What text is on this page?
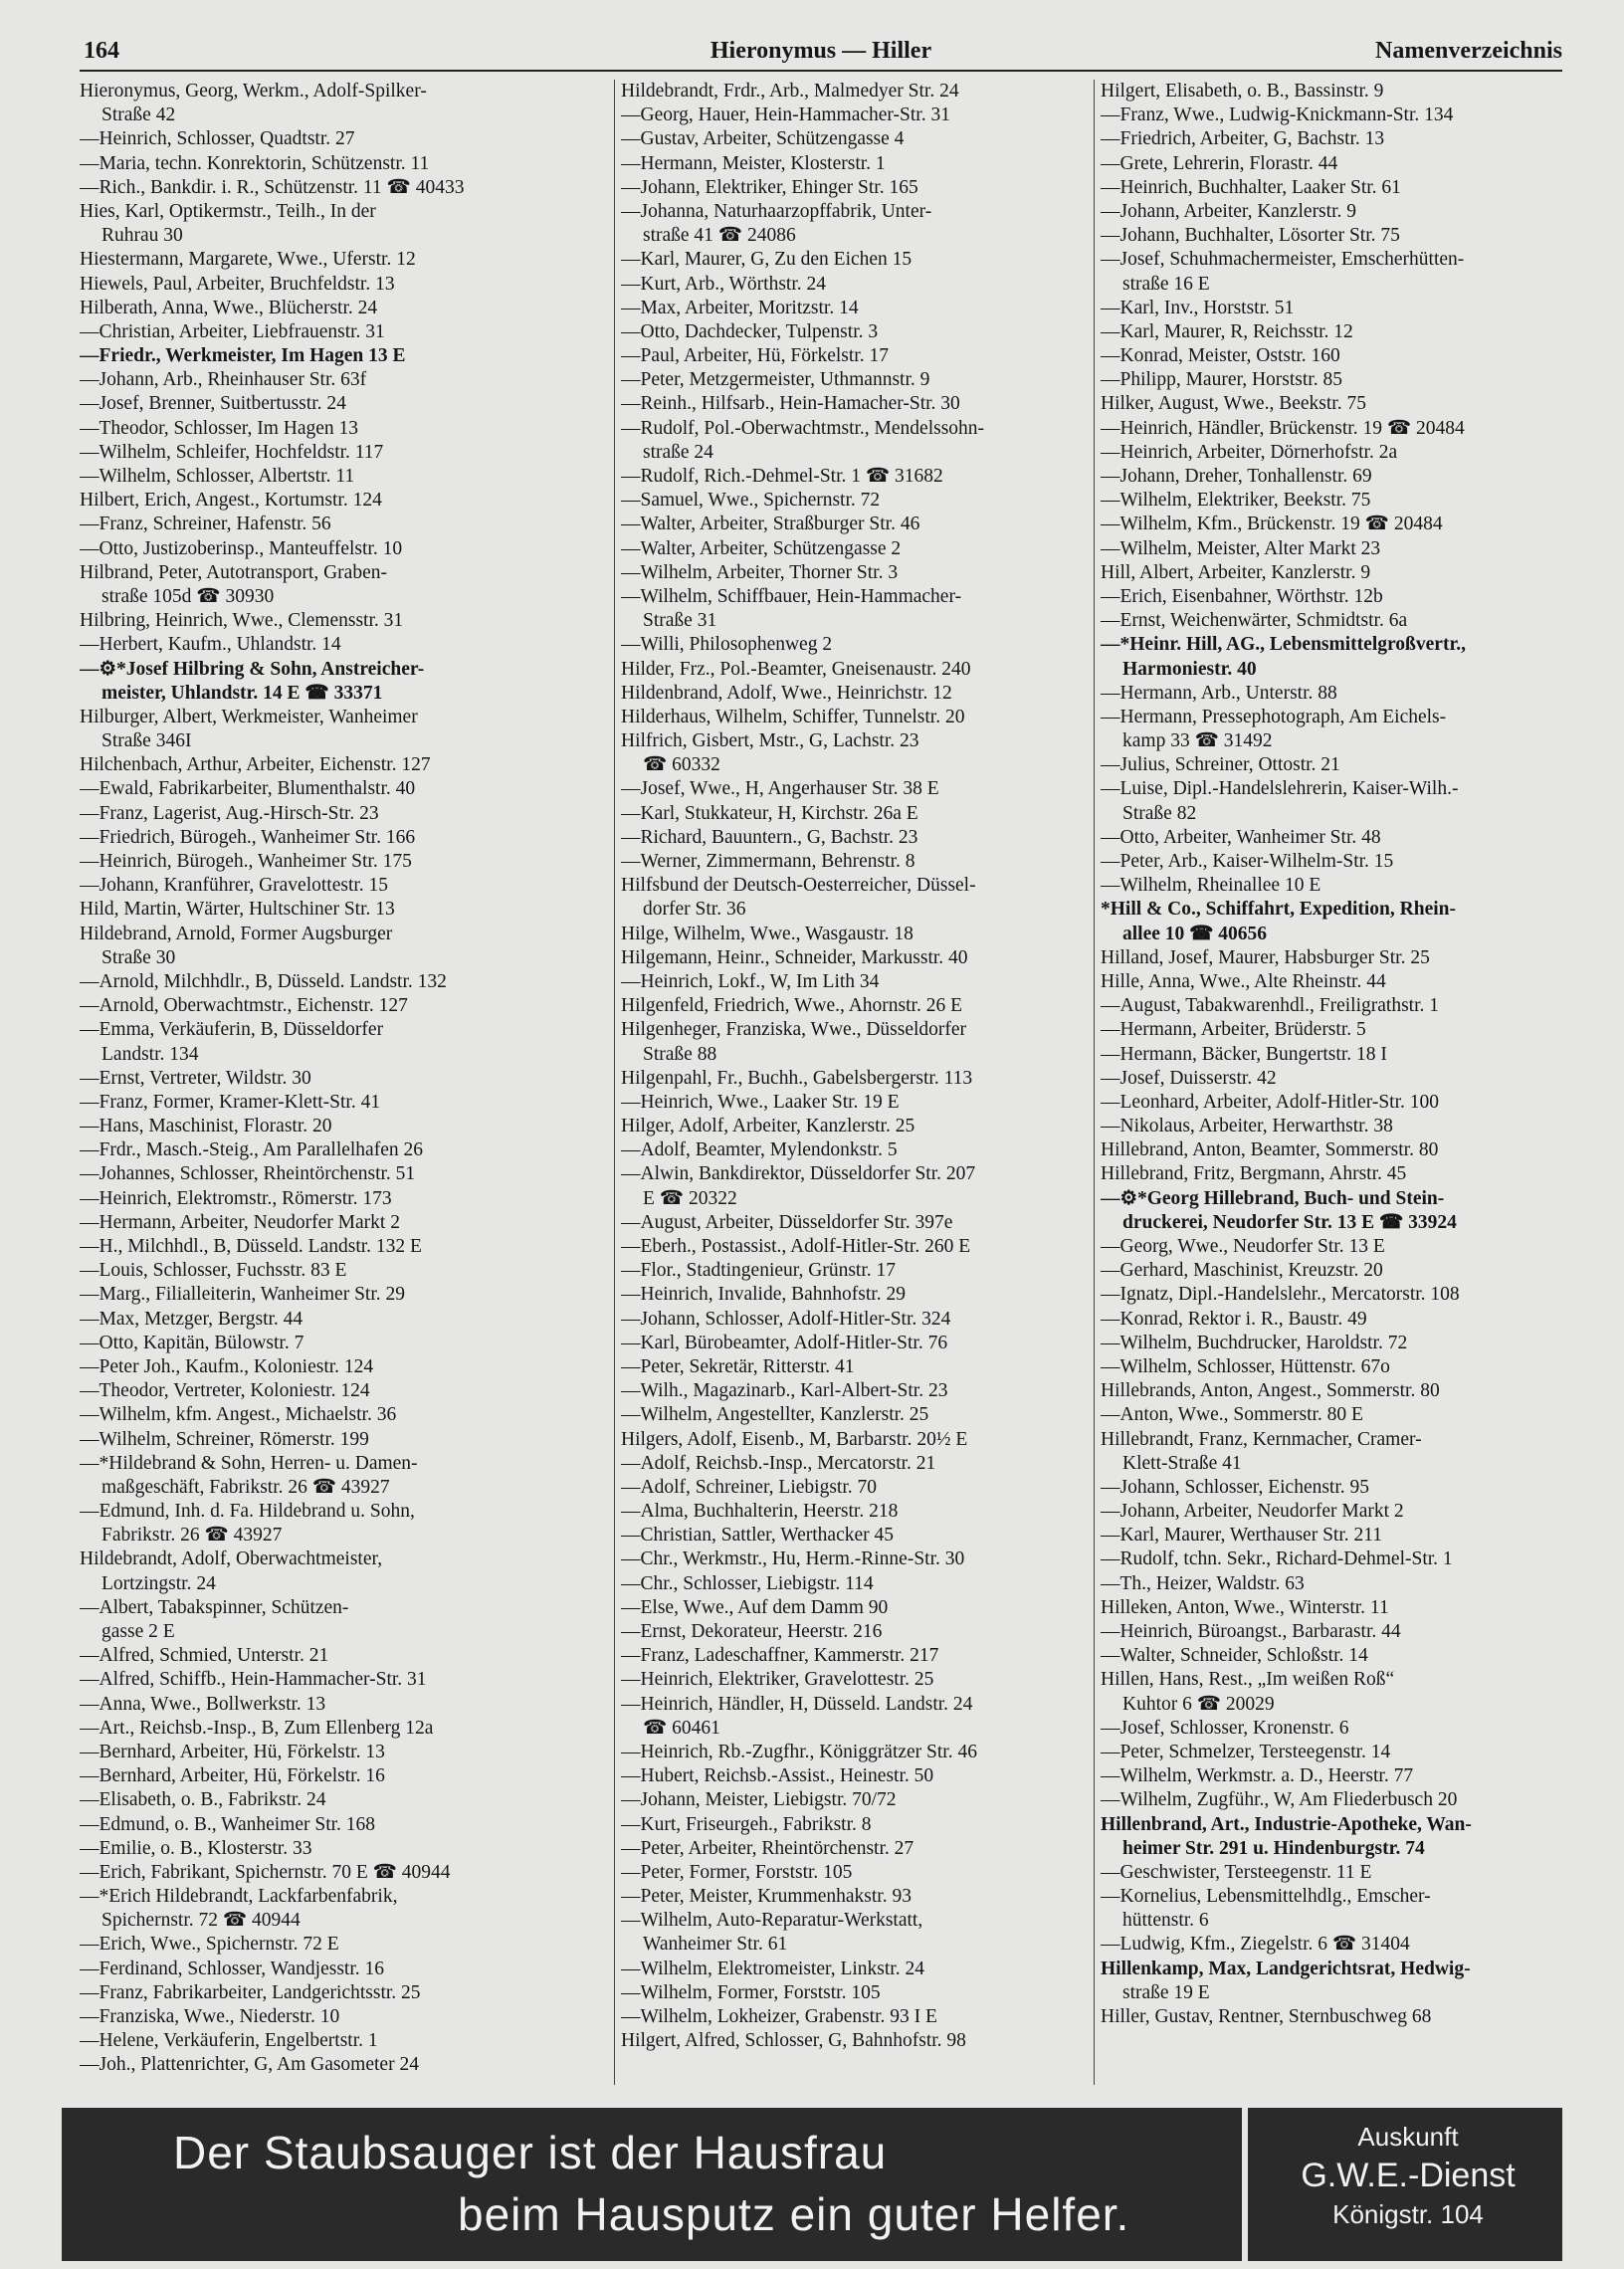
164	Hieronymus — Hiller	Namenverzeichnis
Hieronymus, Georg, Werkm., Adolf-Spilker-
Straße 42
—Heinrich, Schlosser, Quadtstr. 27
—Maria, techn. Konrektorin, Schützenstr. 11
—Rich., Bankdir. i. R., Schützenstr. 11 ☎ 40433
Hies, Karl, Optikermstr., Teilh., In der
Ruhrau 30
Hiestermann, Margarete, Wwe., Uferstr. 12
Hiewels, Paul, Arbeiter, Bruchfeldstr. 13
Hilberath, Anna, Wwe., Blücherstr. 24
—Christian, Arbeiter, Liebfrauenstr. 31
—Friedr., Werkmeister, Im Hagen 13 E
—Johann, Arb., Rheinhauser Str. 63f
—Josef, Brenner, Suitbertusstr. 24
—Theodor, Schlosser, Im Hagen 13
—Wilhelm, Schleifer, Hochfeldstr. 117
—Wilhelm, Schlosser, Albertstr. 11
Hilbert, Erich, Angest., Kortumstr. 124
—Franz, Schreiner, Hafenstr. 56
—Otto, Justizoberinsp., Manteuffelstr. 10
Hilbrand, Peter, Autotransport, Graben-
straße 105d ☎ 30930
Hilbring, Heinrich, Wwe., Clemensstr. 31
—Herbert, Kaufm., Uhlandstr. 14
—⚙*Josef Hilbring & Sohn, Anstreicher-
meister, Uhlandstr. 14 E ☎ 33371
Hilburger, Albert, Werkmeister, Wanheimer
Straße 346I
Hilchenbach, Arthur, Arbeiter, Eichenstr. 127
—Ewald, Fabrikarbeiter, Blumenthalstr. 40
—Franz, Lagerist, Aug.-Hirsch-Str. 23
—Friedrich, Bürogeh., Wanheimer Str. 166
—Heinrich, Bürogeh., Wanheimer Str. 175
—Johann, Kranführer, Gravelottestr. 15
Hild, Martin, Wärter, Hultschiner Str. 13
Hildebrand, Arnold, Former Augsburger
Straße 30
—Arnold, Milchhdlr., B, Düsseld. Landstr. 132
—Arnold, Oberwachtmstr., Eichenstr. 127
—Emma, Verkäuferin, B, Düsseldorfer
Landstr. 134
—Ernst, Vertreter, Wildstr. 30
—Franz, Former, Kramer-Klett-Str. 41
—Hans, Maschinist, Florastr. 20
—Frdr., Masch.-Steig., Am Parallelhafen 26
—Johannes, Schlosser, Rheintörchenstr. 51
—Heinrich, Elektromstr., Römerstr. 173
—Hermann, Arbeiter, Neudorfer Markt 2
—H., Milchhdl., B, Düsseld. Landstr. 132 E
—Louis, Schlosser, Fuchsstr. 83 E
—Marg., Filialleiterin, Wanheimer Str. 29
—Max, Metzger, Bergstr. 44
—Otto, Kapitän, Bülowstr. 7
—Peter Joh., Kaufm., Koloniestr. 124
—Theodor, Vertreter, Koloniestr. 124
—Wilhelm, kfm. Angest., Michaelstr. 36
—Wilhelm, Schreiner, Römerstr. 199
—*Hildebrand & Sohn, Herren- u. Damen-
maßgeschäft, Fabrikstr. 26 ☎ 43927
—Edmund, Inh. d. Fa. Hildebrand u. Sohn,
Fabrikstr. 26 ☎ 43927
Hildebrandt, Adolf, Oberwachtmeister,
Lortzingstr. 24
—Albert, Tabakspinner, Schützen-
gasse 2 E
—Alfred, Schmied, Unterstr. 21
—Alfred, Schiffb., Hein-Hammacher-Str. 31
—Anna, Wwe., Bollwerkstr. 13
—Art., Reichsb.-Insp., B, Zum Ellenberg 12a
—Bernhard, Arbeiter, Hü, Förkelstr. 13
—Bernhard, Arbeiter, Hü, Förkelstr. 16
—Elisabeth, o. B., Fabrikstr. 24
—Edmund, o. B., Wanheimer Str. 168
—Emilie, o. B., Klosterstr. 33
—Erich, Fabrikant, Spichernstr. 70 E ☎ 40944
—*Erich Hildebrandt, Lackfarbenfabrik,
Spichernstr. 72 ☎ 40944
—Erich, Wwe., Spichernstr. 72 E
—Ferdinand, Schlosser, Wandjesstr. 16
—Franz, Fabrikarbeiter, Landgerichtsstr. 25
—Franziska, Wwe., Niederstr. 10
—Helene, Verkäuferin, Engelbertstr. 1
—Joh., Plattenrichter, G, Am Gasometer 24
Hildebrandt, Frdr., Arb., Malmedyer Str. 24
—Georg, Hauer, Hein-Hammacher-Str. 31
—Gustav, Arbeiter, Schützengasse 4
—Hermann, Meister, Klosterstr. 1
—Johann, Elektriker, Ehinger Str. 165
—Johanna, Naturhaarzopffabrik, Unter-
straße 41 ☎ 24086
—Karl, Maurer, G, Zu den Eichen 15
—Kurt, Arb., Wörthstr. 24
—Max, Arbeiter, Moritzstr. 14
—Otto, Dachdecker, Tulpenstr. 3
—Paul, Arbeiter, Hü, Förkelstr. 17
—Peter, Metzgermeister, Uthmannstr. 9
—Reinh., Hilfsarb., Hein-Hamacher-Str. 30
—Rudolf, Pol.-Oberwachtmstr., Mendelssohn-
straße 24
—Rudolf, Rich.-Dehmel-Str. 1 ☎ 31682
—Samuel, Wwe., Spichernstr. 72
—Walter, Arbeiter, Straßburger Str. 46
—Walter, Arbeiter, Schützengasse 2
—Wilhelm, Arbeiter, Thorner Str. 3
—Wilhelm, Schiffbauer, Hein-Hammacher-
Straße 31
—Willi, Philosophenweg 2
Hilder, Frz., Pol.-Beamter, Gneisenaustr. 240
Hildenbrand, Adolf, Wwe., Heinrichstr. 12
Hilderhaus, Wilhelm, Schiffer, Tunnelstr. 20
Hilfrich, Gisbert, Mstr., G, Lachstr. 23
☎ 60332
—Josef, Wwe., H, Angerhauser Str. 38 E
—Karl, Stukkateur, H, Kirchstr. 26a E
—Richard, Bauuntern., G, Bachstr. 23
—Werner, Zimmermann, Behrenstr. 8
Hilfsbund der Deutsch-Oesterreicher, Düssel-
dorfer Str. 36
Hilge, Wilhelm, Wwe., Wasgaustr. 18
Hilgemann, Heinr., Schneider, Markusstr. 40
—Heinrich, Lokf., W, Im Lith 34
Hilgenfeld, Friedrich, Wwe., Ahornstr. 26 E
Hilgenheger, Franziska, Wwe., Düsseldorfer
Straße 88
Hilgenpahl, Fr., Buchh., Gabelsbergerstr. 113
—Heinrich, Wwe., Laaker Str. 19 E
Hilger, Adolf, Arbeiter, Kanzlerstr. 25
—Adolf, Beamter, Mylendonkstr. 5
—Alwin, Bankdirektor, Düsseldorfer Str. 207
E ☎ 20322
—August, Arbeiter, Düsseldorfer Str. 397e
—Eberh., Postassist., Adolf-Hitler-Str. 260 E
—Flor., Stadtingenieur, Grünstr. 17
—Heinrich, Invalide, Bahnhofstr. 29
—Johann, Schlosser, Adolf-Hitler-Str. 324
—Karl, Bürobeamter, Adolf-Hitler-Str. 76
—Peter, Sekretär, Ritterstr. 41
—Wilh., Magazinarb., Karl-Albert-Str. 23
—Wilhelm, Angestellter, Kanzlerstr. 25
Hilgers, Adolf, Eisenb., M, Barbarstr. 20½ E
—Adolf, Reichsb.-Insp., Mercatorstr. 21
—Adolf, Schreiner, Liebigstr. 70
—Alma, Buchhalterin, Heerstr. 218
—Christian, Sattler, Werthacker 45
—Chr., Werkmstr., Hu, Herm.-Rinne-Str. 30
—Chr., Schlosser, Liebigstr. 114
—Else, Wwe., Auf dem Damm 90
—Ernst, Dekorateur, Heerstr. 216
—Franz, Ladeschaffner, Kammerstr. 217
—Heinrich, Elektriker, Gravelottestr. 25
—Heinrich, Händler, H, Düsseld. Landstr. 24
☎ 60461
—Heinrich, Rb.-Zugfhr., Königgrätzer Str. 46
—Hubert, Reichsb.-Assist., Heinestr. 50
—Johann, Meister, Liebigstr. 70/72
—Kurt, Friseurgeh., Fabrikstr. 8
—Peter, Arbeiter, Rheintörchenstr. 27
—Peter, Former, Forststr. 105
—Peter, Meister, Krummenhakstr. 93
—Wilhelm, Auto-Reparatur-Werkstatt,
Wanheimer Str. 61
—Wilhelm, Elektromeister, Linkstr. 24
—Wilhelm, Former, Forststr. 105
—Wilhelm, Lokheizer, Grabenstr. 93 I E
Hilgert, Alfred, Schlosser, G, Bahnhofstr. 98
Hilgert, Elisabeth, o. B., Bassinstr. 9
—Franz, Wwe., Ludwig-Knickmann-Str. 134
—Friedrich, Arbeiter, G, Bachstr. 13
—Grete, Lehrerin, Florastr. 44
—Heinrich, Buchhalter, Laaker Str. 61
—Johann, Arbeiter, Kanzlerstr. 9
—Johann, Buchhalter, Lösorter Str. 75
—Josef, Schuhmachermeister, Emscherhütten-
straße 16 E
—Karl, Inv., Horststr. 51
—Karl, Maurer, R, Reichsstr. 12
—Konrad, Meister, Oststr. 160
—Philipp, Maurer, Horststr. 85
Hilker, August, Wwe., Beekstr. 75
—Heinrich, Händler, Brückenstr. 19 ☎ 20484
—Heinrich, Arbeiter, Dörnerhofstr. 2a
—Johann, Dreher, Tonhallenstr. 69
—Wilhelm, Elektriker, Beekstr. 75
—Wilhelm, Kfm., Brückenstr. 19 ☎ 20484
—Wilhelm, Meister, Alter Markt 23
Hill, Albert, Arbeiter, Kanzlerstr. 9
—Erich, Eisenbahner, Wörthstr. 12b
—Ernst, Weichenwärter, Schmidtstr. 6a
—*Heinr. Hill, AG., Lebensmittelgroßvertr.,
Harmoniestr. 40
—Hermann, Arb., Unterstr. 88
—Hermann, Pressephotograph, Am Eichels-
kamp 33 ☎ 31492
—Julius, Schreiner, Ottostr. 21
—Luise, Dipl.-Handelslehrerin, Kaiser-Wilh.-
Straße 82
—Otto, Arbeiter, Wanheimer Str. 48
—Peter, Arb., Kaiser-Wilhelm-Str. 15
—Wilhelm, Rheinallee 10 E
*Hill & Co., Schiffahrt, Expedition, Rhein-
allee 10 ☎ 40656
Hilland, Josef, Maurer, Habsburger Str. 25
Hille, Anna, Wwe., Alte Rheinstr. 44
—August, Tabakwarenhdl., Freiligrathstr. 1
—Hermann, Arbeiter, Brüderstr. 5
—Hermann, Bäcker, Bungertstr. 18 I
—Josef, Duisserstr. 42
—Leonhard, Arbeiter, Adolf-Hitler-Str. 100
—Nikolaus, Arbeiter, Herwarthstr. 38
Hillebrand, Anton, Beamter, Sommerstr. 80
Hillebrand, Fritz, Bergmann, Ahrstr. 45
—⚙*Georg Hillebrand, Buch- und Stein-
druckerei, Neudorfer Str. 13 E ☎ 33924
—Georg, Wwe., Neudorfer Str. 13 E
—Gerhard, Maschinist, Kreuzstr. 20
—Ignatz, Dipl.-Handelslehr., Mercatorstr. 108
—Konrad, Rektor i. R., Baustr. 49
—Wilhelm, Buchdrucker, Haroldstr. 72
—Wilhelm, Schlosser, Hüttenstr. 67o
Hillebrands, Anton, Angest., Sommerstr. 80
—Anton, Wwe., Sommerstr. 80 E
Hillebrandt, Franz, Kernmacher, Cramer-
Klett-Straße 41
—Johann, Schlosser, Eichenstr. 95
—Johann, Arbeiter, Neudorfer Markt 2
—Karl, Maurer, Werthauser Str. 211
—Rudolf, tchn. Sekr., Richard-Dehmel-Str. 1
—Th., Heizer, Waldstr. 63
Hilleken, Anton, Wwe., Winterstr. 11
—Heinrich, Büroangst., Barbarastr. 44
—Walter, Schneider, Schloßstr. 14
Hillen, Hans, Rest., „Im weißen Roß“
Kuhtor 6 ☎ 20029
—Josef, Schlosser, Kronenstr. 6
—Peter, Schmelzer, Tersteegenstr. 14
—Wilhelm, Werkmstr. a. D., Heerstr. 77
—Wilhelm, Zugführ., W, Am Fliederbusch 20
Hillenbrand, Art., Industrie-Apotheke, Wan-
heimer Str. 291 u. Hindenburgstr. 74
—Geschwister, Tersteegenstr. 11 E
—Kornelius, Lebensmittelhdlg., Emscher-
hüttenstr. 6
—Ludwig, Kfm., Ziegelstr. 6 ☎ 31404
Hillenkamp, Max, Landgerichtsrat, Hedwig-
straße 19 E
Hiller, Gustav, Rentner, Sternbuschweg 68
Der Staubsauger ist der Hausfrau
beim Hausputz ein guter Helfer.
Auskunft
G.W.E.-Dienst
Königstr. 104
